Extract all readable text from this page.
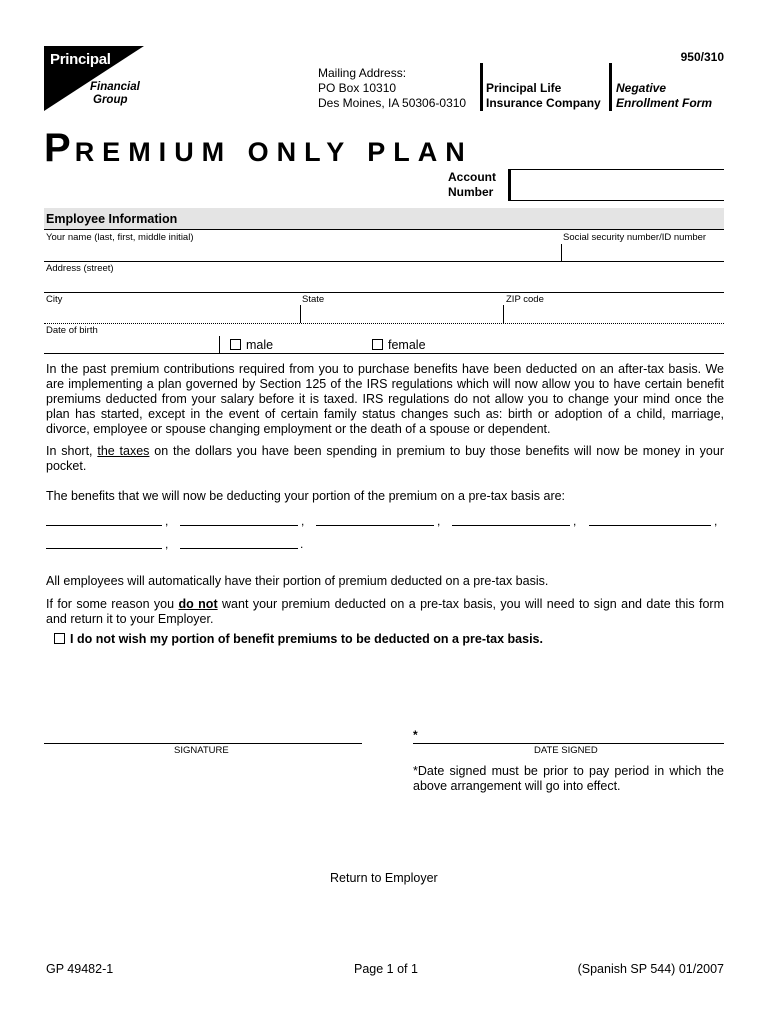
Principal
Financial
Group
950/310
Mailing Address:
PO Box 10310
Des Moines, IA 50306-0310
Principal Life
Insurance Company
Negative
Enrollment Form
PREMIUM ONLY PLAN
Account
Number
Employee Information
Your name (last, first, middle initial)	Social security number/ID number
Address (street)
City	State	ZIP code
Date of birth
male	female
In the past premium contributions required from you to purchase benefits have been deducted on an after-tax basis. We are implementing a plan governed by Section 125 of the IRS regulations which will now allow you to have certain benefit premiums deducted from your salary before it is taxed. IRS regulations do not allow you to change your mind once the plan has started, except in the event of certain family status changes such as: birth or adoption of a child, marriage, divorce, employee or spouse changing employment or the death of a spouse or dependent.
In short, the taxes on the dollars you have been spending in premium to buy those benefits will now be money in your pocket.
The benefits that we will now be deducting your portion of the premium on a pre-tax basis are:
,	,	,	,	,
,	.
All employees will automatically have their portion of premium deducted on a pre-tax basis.
If for some reason you do not want your premium deducted on a pre-tax basis, you will need to sign and date this form and return it to your Employer.
I do not wish my portion of benefit premiums to be deducted on a pre-tax basis.
SIGNATURE
*
DATE SIGNED
*Date signed must be prior to pay period in which the above arrangement will go into effect.
Return to Employer
GP 49482-1	Page 1 of 1	(Spanish SP 544) 01/2007
